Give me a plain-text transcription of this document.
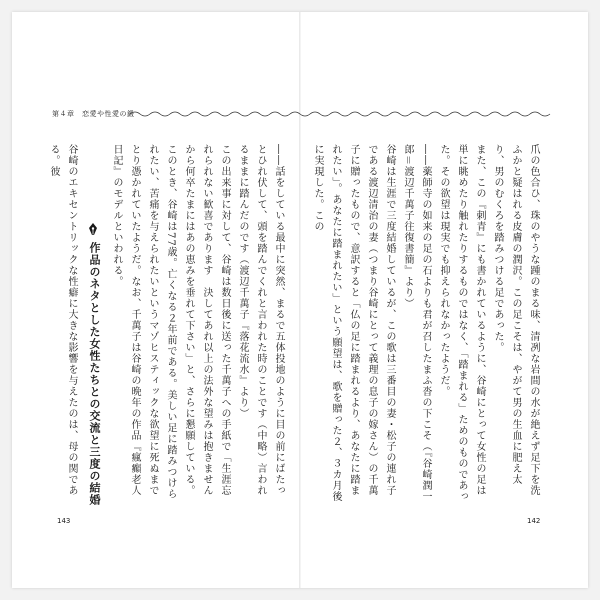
第４章　恋愛や性愛の鍛

爪の色合ひ、珠のやうな踵のまる味、清冽な岩間の水が絶えず足下を洗ふかと疑はれる皮膚の潤沢。この足こそは、やがて男の生血に肥え太り、男のむくろを踏みつける足であった。

また、この『刺青』にも書かれているように、谷崎にとって女性の足は単に眺めたり触れたりするものではなく、「踏まれる」ためのものであった。その欲望は現実でも抑えられなかったようだ。

――薬師寺の如来の足の石よりも君が召したまふ沓の下こそ（『谷崎潤一郎＝渡辺千萬子往復書簡』より）

谷崎は生涯で三度結婚しているが、この歌は三番目の妻・松子の連れ子である渡辺清治の妻（つまり谷崎にとって義理の息子の嫁さん）の千萬子に贈ったもので、意訳すると「仏の足に踏まれるより、あなたに踏まれたい」。あなたに踏まれたい」という願望は、歌を贈った２、３カ月後に実現した。この

――話をしている最中に突然、まるで五体投地のように目の前にばたっとひれ伏して、頭を踏んでくれと言われた時のことです（中略）言われるままに踏んだのです（渡辺千萬子『落花流水』より）

この出来事に対して、谷崎は数日後に送った千萬子への手紙で「生涯忘れられない歓喜であります　決してあれ以上の法外な望みは抱きませんから何卒たまにはあの恵みを垂れて下さい」と、さらに懇願している。このとき、谷崎は77歳。亡くなる２年前である。美しい足に踏みつけられたい、苦痛を与えられたいというマゾヒスティックな欲望に死ぬまでとり憑かれていたようだ。なお、千萬子は谷崎の晩年の作品『瘋癲老人日記』のモデルといわれる。

作品のネタとした女性たちとの交流と三度の結婚

谷崎のエキセントリックな性癖に大きな影響を与えたのは、母の関である。彼

143	142
